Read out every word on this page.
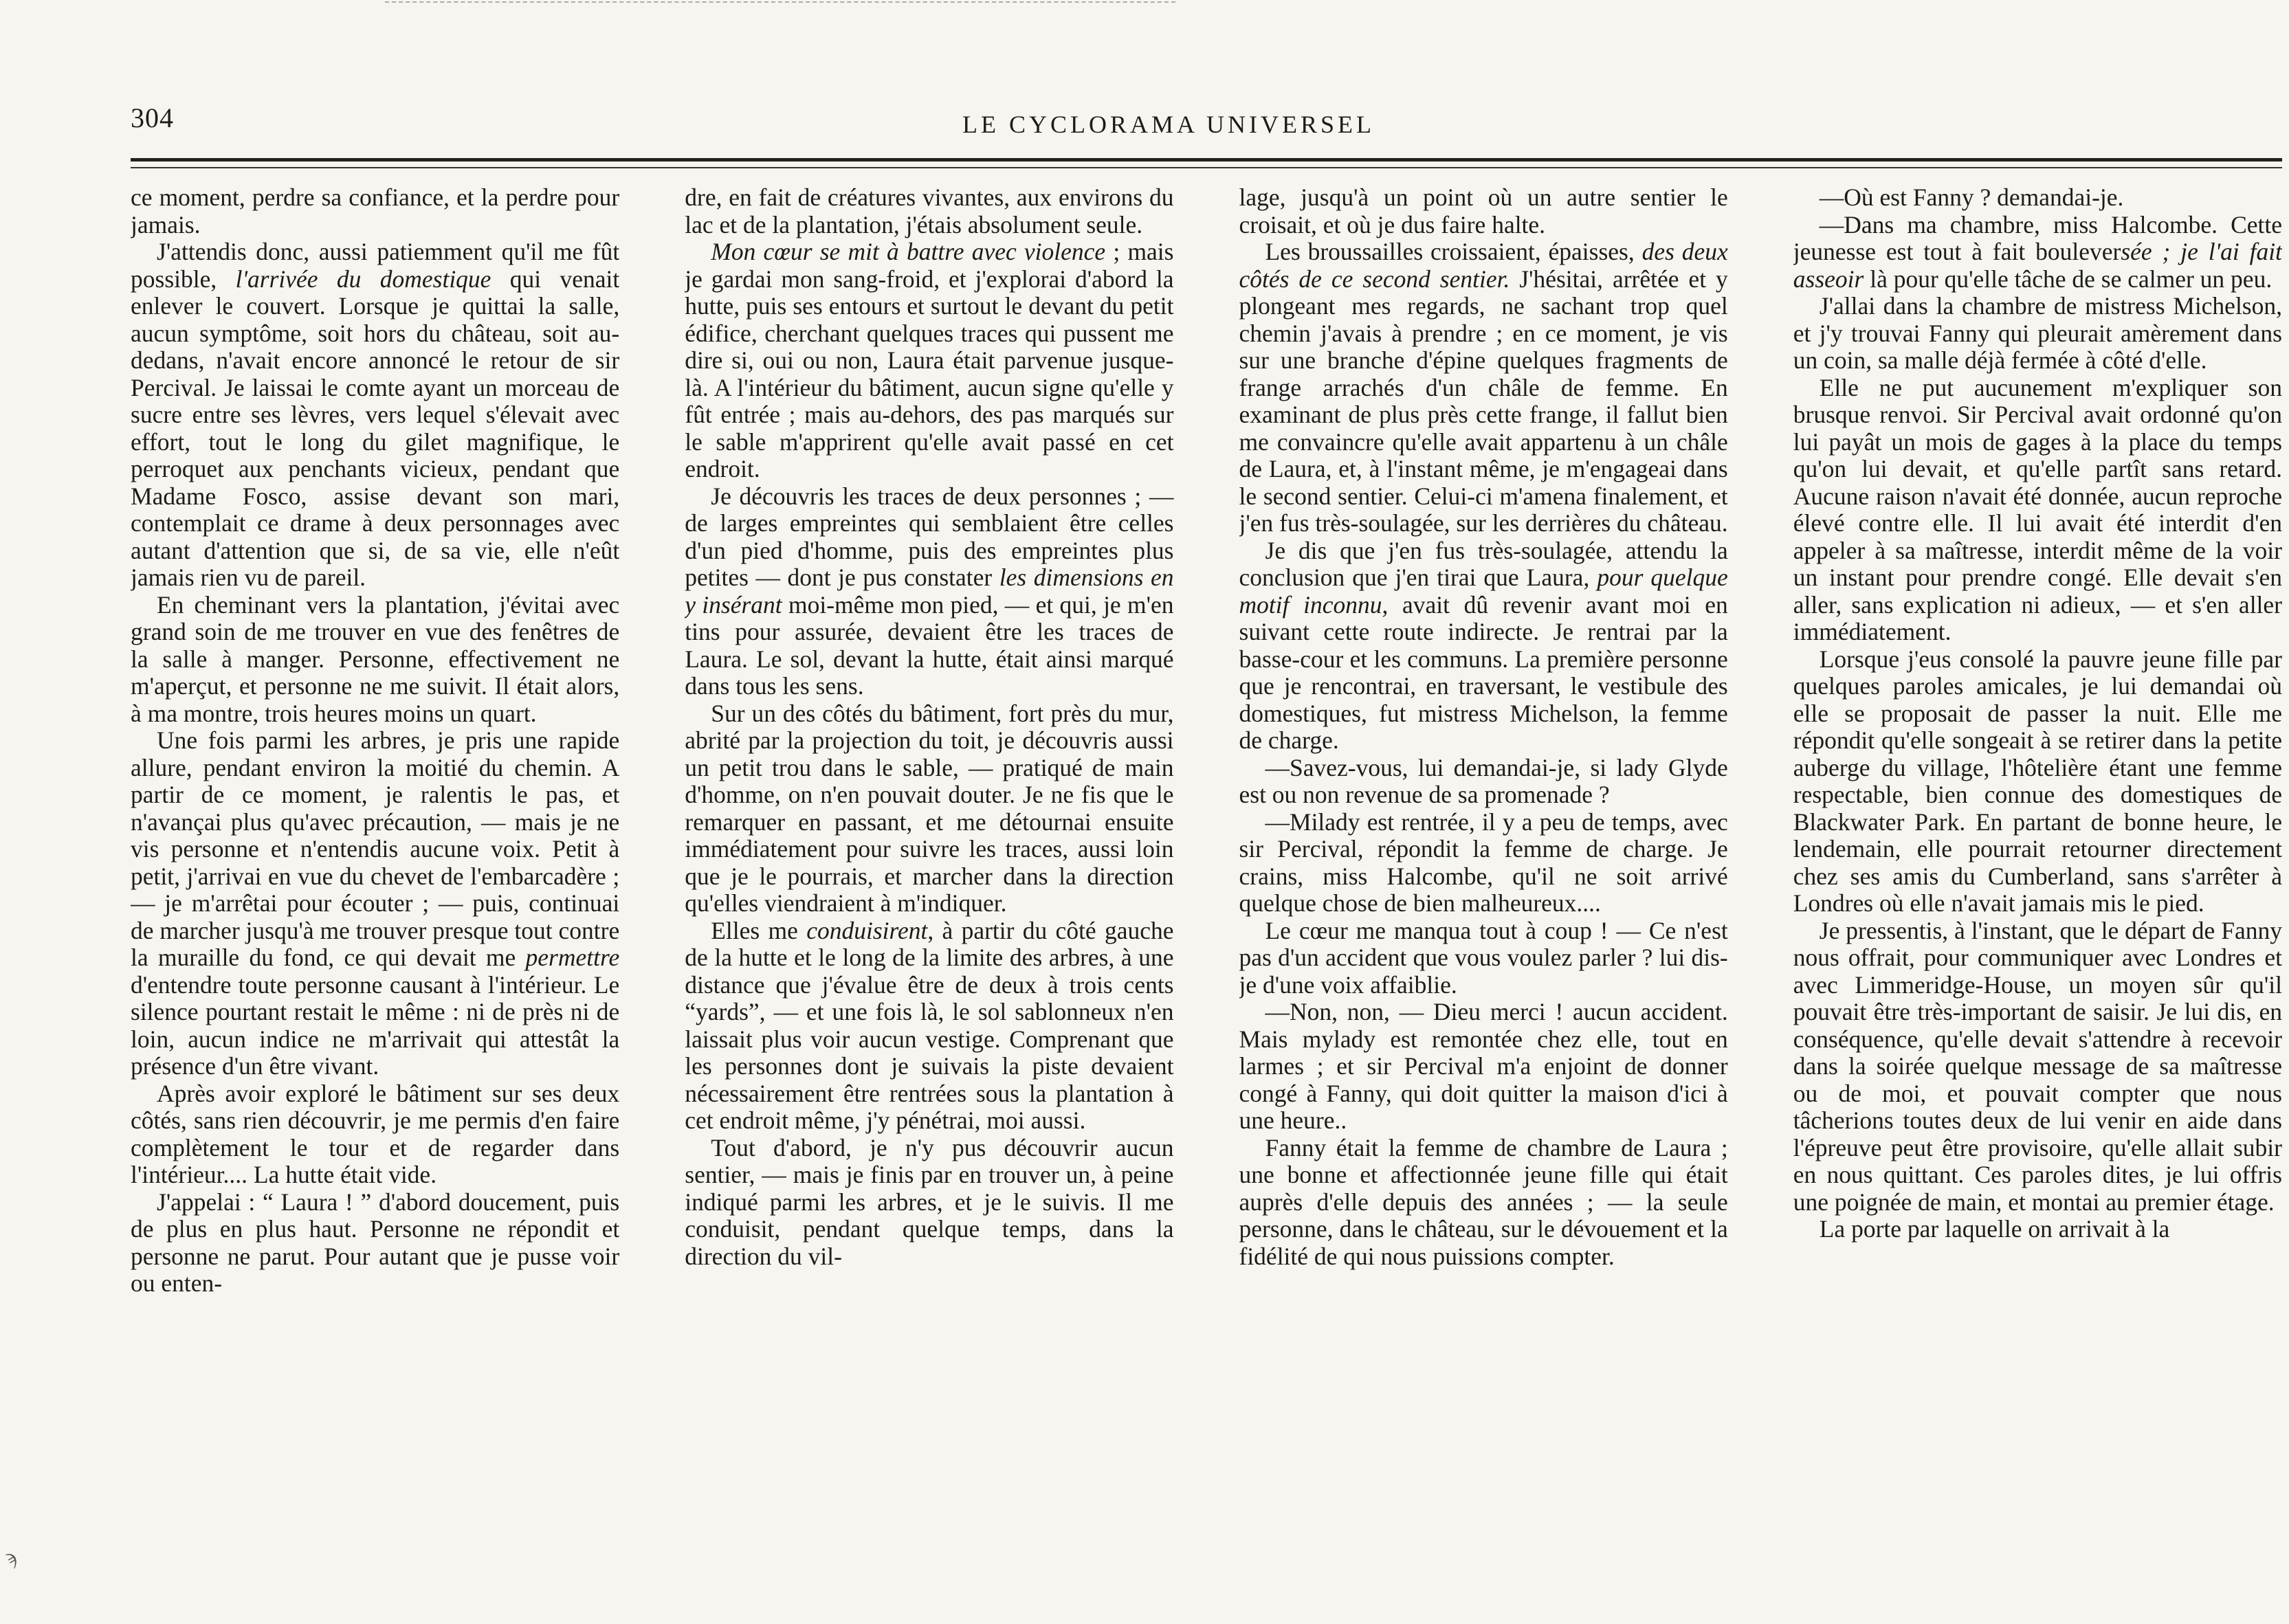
304	LE CYCLORAMA UNIVERSEL

ce moment, perdre sa confiance, et la perdre pour jamais.

J'attendis donc, aussi patiemment qu'il me fût possible, l'arrivée du domestique qui venait enlever le couvert. Lorsque je quittai la salle, aucun symptôme, soit hors du château, soit au-dedans, n'avait encore annoncé le retour de sir Percival. Je laissai le comte ayant un morceau de sucre entre ses lèvres, vers lequel s'élevait avec effort, tout le long du gilet magnifique, le perroquet aux penchants vicieux, pendant que Madame Fosco, assise devant son mari, contemplait ce drame à deux personnages avec autant d'attention que si, de sa vie, elle n'eût jamais rien vu de pareil.

En cheminant vers la plantation, j'évitai avec grand soin de me trouver en vue des fenêtres de la salle à manger. Personne, effectivement ne m'aperçut, et personne ne me suivit. Il était alors, à ma montre, trois heures moins un quart.

Une fois parmi les arbres, je pris une rapide allure, pendant environ la moitié du chemin. A partir de ce moment, je ralentis le pas, et n'avançai plus qu'avec précaution, — mais je ne vis personne et n'entendis aucune voix. Petit à petit, j'arrivai en vue du chevet de l'embarcadère ; — je m'arrêtai pour écouter ; — puis, continuai de marcher jusqu'à me trouver presque tout contre la muraille du fond, ce qui devait me permettre d'entendre toute personne causant à l'intérieur. Le silence pourtant restait le même : ni de près ni de loin, aucun indice ne m'arrivait qui attestât la présence d'un être vivant.

Après avoir exploré le bâtiment sur ses deux côtés, sans rien découvrir, je me permis d'en faire complètement le tour et de regarder dans l'intérieur.... La hutte était vide.

J'appelai : “ Laura ! ” d'abord doucement, puis de plus en plus haut. Personne ne répondit et personne ne parut. Pour autant que je pusse voir ou enten-

dre, en fait de créatures vivantes, aux environs du lac et de la plantation, j'étais absolument seule.

Mon cœur se mit à battre avec violence ; mais je gardai mon sang-froid, et j'explorai d'abord la hutte, puis ses entours et surtout le devant du petit édifice, cherchant quelques traces qui pussent me dire si, oui ou non, Laura était parvenue jusque-là. A l'intérieur du bâtiment, aucun signe qu'elle y fût entrée ; mais au-dehors, des pas marqués sur le sable m'apprirent qu'elle avait passé en cet endroit.

Je découvris les traces de deux personnes ; — de larges empreintes qui semblaient être celles d'un pied d'homme, puis des empreintes plus petites — dont je pus constater les dimensions en y insérant moi-même mon pied, — et qui, je m'en tins pour assurée, devaient être les traces de Laura. Le sol, devant la hutte, était ainsi marqué dans tous les sens.

Sur un des côtés du bâtiment, fort près du mur, abrité par la projection du toit, je découvris aussi un petit trou dans le sable, — pratiqué de main d'homme, on n'en pouvait douter. Je ne fis que le remarquer en passant, et me détournai ensuite immédiatement pour suivre les traces, aussi loin que je le pourrais, et marcher dans la direction qu'elles viendraient à m'indiquer.

Elles me conduisirent, à partir du côté gauche de la hutte et le long de la limite des arbres, à une distance que j'évalue être de deux à trois cents “yards”, — et une fois là, le sol sablonneux n'en laissait plus voir aucun vestige. Comprenant que les personnes dont je suivais la piste devaient nécessairement être rentrées sous la plantation à cet endroit même, j'y pénétrai, moi aussi.

Tout d'abord, je n'y pus découvrir aucun sentier, — mais je finis par en trouver un, à peine indiqué parmi les arbres, et je le suivis. Il me conduisit, pendant quelque temps, dans la direction du vil-

lage, jusqu'à un point où un autre sentier le croisait, et où je dus faire halte.

Les broussailles croissaient, épaisses, des deux côtés de ce second sentier. J'hésitai, arrêtée et y plongeant mes regards, ne sachant trop quel chemin j'avais à prendre ; en ce moment, je vis sur une branche d'épine quelques fragments de frange arrachés d'un châle de femme. En examinant de plus près cette frange, il fallut bien me convaincre qu'elle avait appartenu à un châle de Laura, et, à l'instant même, je m'engageai dans le second sentier. Celui-ci m'amena finalement, et j'en fus très-soulagée, sur les derrières du château.

Je dis que j'en fus très-soulagée, attendu la conclusion que j'en tirai que Laura, pour quelque motif inconnu, avait dû revenir avant moi en suivant cette route indirecte. Je rentrai par la basse-cour et les communs. La première personne que je rencontrai, en traversant, le vestibule des domestiques, fut mistress Michelson, la femme de charge.

—Savez-vous, lui demandai-je, si lady Glyde est ou non revenue de sa promenade ?

—Milady est rentrée, il y a peu de temps, avec sir Percival, répondit la femme de charge. Je crains, miss Halcombe, qu'il ne soit arrivé quelque chose de bien malheureux....

Le cœur me manqua tout à coup ! — Ce n'est pas d'un accident que vous voulez parler ? lui dis-je d'une voix affaiblie.

—Non, non, — Dieu merci ! aucun accident. Mais mylady est remontée chez elle, tout en larmes ; et sir Percival m'a enjoint de donner congé à Fanny, qui doit quitter la maison d'ici à une heure..

Fanny était la femme de chambre de Laura ; une bonne et affectionnée jeune fille qui était auprès d'elle depuis des années ; — la seule personne, dans le château, sur le dévouement et la fidélité de qui nous puissions compter.

—Où est Fanny ? demandai-je.

—Dans ma chambre, miss Halcombe. Cette jeunesse est tout à fait bouleversée ; je l'ai fait asseoir là pour qu'elle tâche de se calmer un peu.

J'allai dans la chambre de mistress Michelson, et j'y trouvai Fanny qui pleurait amèrement dans un coin, sa malle déjà fermée à côté d'elle.

Elle ne put aucunement m'expliquer son brusque renvoi. Sir Percival avait ordonné qu'on lui payât un mois de gages à la place du temps qu'on lui devait, et qu'elle partît sans retard. Aucune raison n'avait été donnée, aucun reproche élevé contre elle. Il lui avait été interdit d'en appeler à sa maîtresse, interdit même de la voir un instant pour prendre congé. Elle devait s'en aller, sans explication ni adieux, — et s'en aller immédiatement.

Lorsque j'eus consolé la pauvre jeune fille par quelques paroles amicales, je lui demandai où elle se proposait de passer la nuit. Elle me répondit qu'elle songeait à se retirer dans la petite auberge du village, l'hôtelière étant une femme respectable, bien connue des domestiques de Blackwater Park. En partant de bonne heure, le lendemain, elle pourrait retourner directement chez ses amis du Cumberland, sans s'arrêter à Londres où elle n'avait jamais mis le pied.

Je pressentis, à l'instant, que le départ de Fanny nous offrait, pour communiquer avec Londres et avec Limmeridge-House, un moyen sûr qu'il pouvait être très-important de saisir. Je lui dis, en conséquence, qu'elle devait s'attendre à recevoir dans la soirée quelque message de sa maîtresse ou de moi, et pouvait compter que nous tâcherions toutes deux de lui venir en aide dans l'épreuve peut être provisoire, qu'elle allait subir en nous quittant. Ces paroles dites, je lui offris une poignée de main, et montai au premier étage.

La porte par laquelle on arrivait à la

ϡ
